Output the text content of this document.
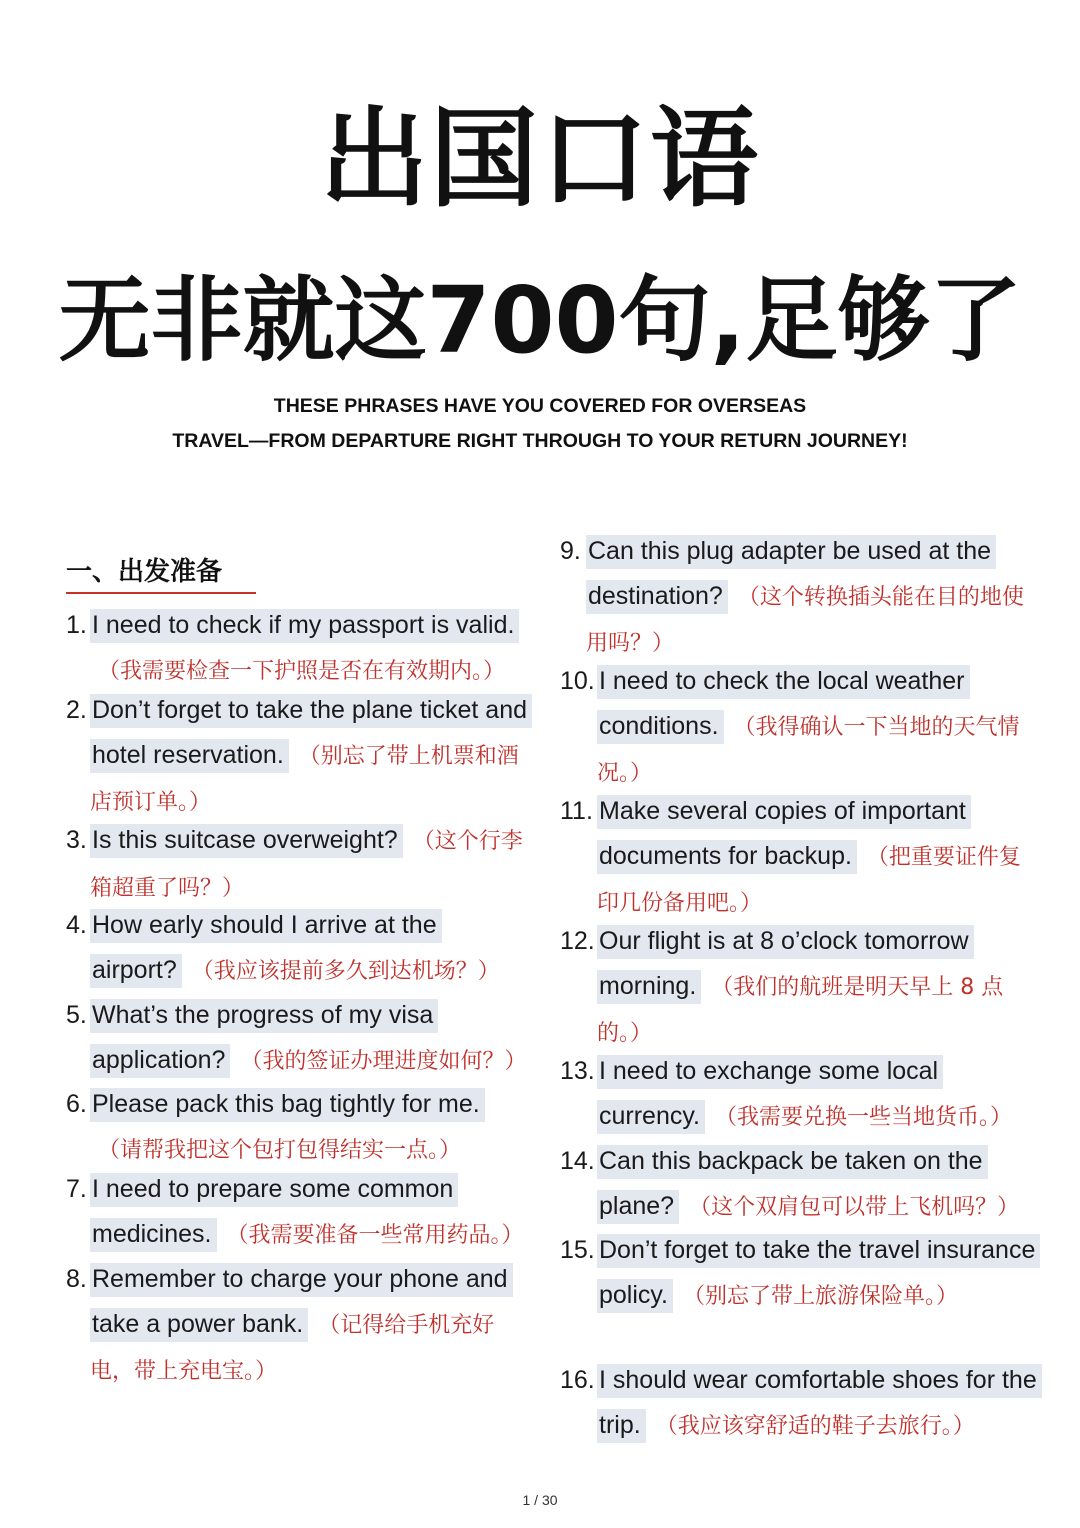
出国口语
无非就这700句,足够了
THESE PHRASES HAVE YOU COVERED FOR OVERSEAS
TRAVEL—FROM DEPARTURE RIGHT THROUGH TO YOUR RETURN JOURNEY!
一、出发准备
1. I need to check if my passport is valid.
（我需要检查一下护照是否在有效期内。）
2. Don’t forget to take the plane ticket and hotel reservation. （别忘了带上机票和酒店预订单。）
3. Is this suitcase overweight? （这个行李箱超重了吗？）
4. How early should I arrive at the airport? （我应该提前多久到达机场？）
5. What’s the progress of my visa application? （我的签证办理进度如何？）
6. Please pack this bag tightly for me.
（请帮我把这个包打包得结实一点。）
7. I need to prepare some common medicines. （我需要准备一些常用药品。）
8. Remember to charge your phone and take a power bank. （记得给手机充好电，带上充电宝。）
9. Can this plug adapter be used at the destination? （这个转换插头能在目的地使用吗？）
10. I need to check the local weather conditions. （我得确认一下当地的天气情况。）
11. Make several copies of important documents for backup. （把重要证件复印几份备用吧。）
12. Our flight is at 8 o’clock tomorrow morning. （我们的航班是明天早上 8 点的。）
13. I need to exchange some local currency. （我需要兑换一些当地货币。）
14. Can this backpack be taken on the plane? （这个双肩包可以带上飞机吗？）
15. Don’t forget to take the travel insurance policy. （别忘了带上旅游保险单。）
16. I should wear comfortable shoes for the trip. （我应该穿舒适的鞋子去旅行。）
1 / 30
